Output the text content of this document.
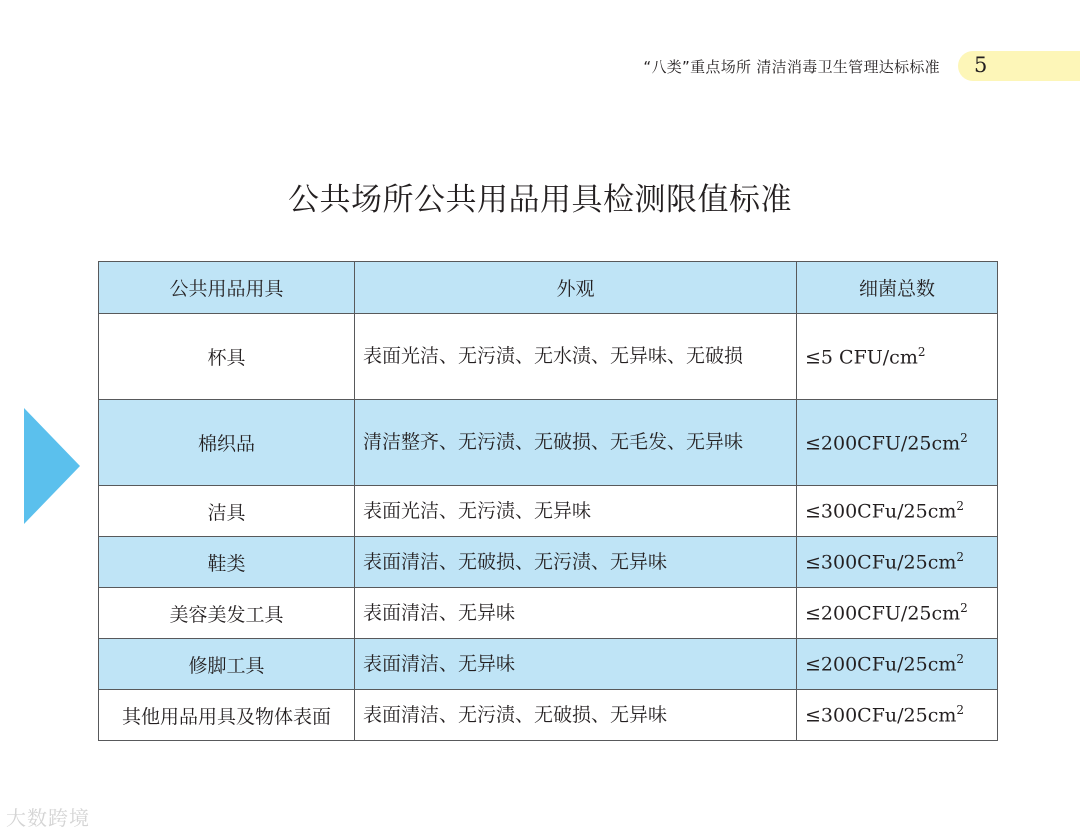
“八类”重点场所 清洁消毒卫生管理达标标准 5
公共场所公共用品用具检测限值标准
公共用品用具	外观	细菌总数
杯具	表面光洁、无污渍、无水渍、无异味、无破损	≤5 CFU/$cm^2$
棉织品	清洁整齐、无污渍、无破损、无毛发、无异味	$\le 200CFU/25cm^2$
洁具	表面光洁、无污渍、无异味	$\le 300CFu/25cm^2$
鞋类	表面清洁、无破损、无污渍、无异味	$\le 300CFu/25cm^2$
美容美发工具	表面清洁、无异味	$\le 200CFU/25cm^2$
修脚工具	表面清洁、无异味	$\le 200CFu/25cm^2$
其他用品用具及物体表面	表面清洁、无污渍、无破损、无异味	$\le 300CFu/25cm^2$
大数跨境
